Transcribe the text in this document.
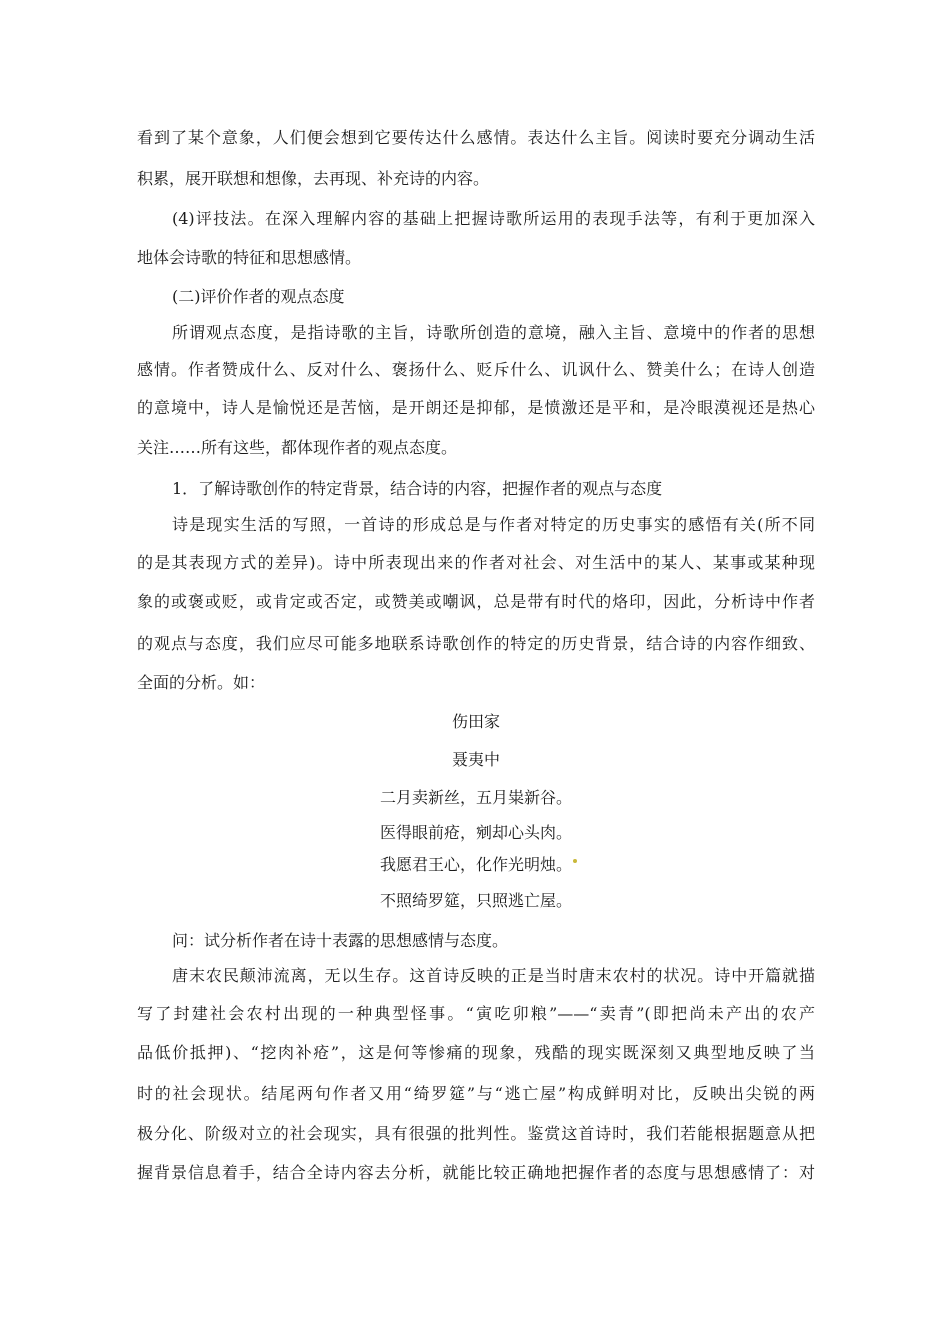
看到了某个意象，人们便会想到它要传达什么感情。表达什么主旨。阅读时要充分调动生活
积累，展开联想和想像，去再现、补充诗的内容。
(4)评技法。在深入理解内容的基础上把握诗歌所运用的表现手法等，有利于更加深入
地体会诗歌的特征和思想感情。
(二)评价作者的观点态度
所谓观点态度，是指诗歌的主旨，诗歌所创造的意境，融入主旨、意境中的作者的思想
感情。作者赞成什么、反对什么、褒扬什么、贬斥什么、讥讽什么、赞美什么；在诗人创造
的意境中，诗人是愉悦还是苦恼，是开朗还是抑郁，是愤激还是平和，是冷眼漠视还是热心
关注……所有这些，都体现作者的观点态度。
1．了解诗歌创作的特定背景，结合诗的内容，把握作者的观点与态度
诗是现实生活的写照，一首诗的形成总是与作者对特定的历史事实的感悟有关(所不同
的是其表现方式的差异)。诗中所表现出来的作者对社会、对生活中的某人、某事或某种现
象的或褒或贬，或肯定或否定，或赞美或嘲讽，总是带有时代的烙印，因此，分析诗中作者
的观点与态度，我们应尽可能多地联系诗歌创作的特定的历史背景，结合诗的内容作细致、
全面的分析。如：
伤田家
聂夷中
二月卖新丝，五月粜新谷。
医得眼前疮，剜却心头肉。
我愿君王心，化作光明烛。
不照绮罗筵，只照逃亡屋。
问：试分析作者在诗十表露的思想感情与态度。
唐末农民颠沛流离，无以生存。这首诗反映的正是当时唐末农村的状况。诗中开篇就描
写了封建社会农村出现的一种典型怪事。“寅吃卯粮”——“卖青”(即把尚未产出的农产
品低价抵押)、“挖肉补疮”，这是何等惨痛的现象，残酷的现实既深刻又典型地反映了当
时的社会现状。结尾两句作者又用“绮罗筵”与“逃亡屋”构成鲜明对比，反映出尖锐的两
极分化、阶级对立的社会现实，具有很强的批判性。鉴赏这首诗时，我们若能根据题意从把
握背景信息着手，结合全诗内容去分析，就能比较正确地把握作者的态度与思想感情了：对
